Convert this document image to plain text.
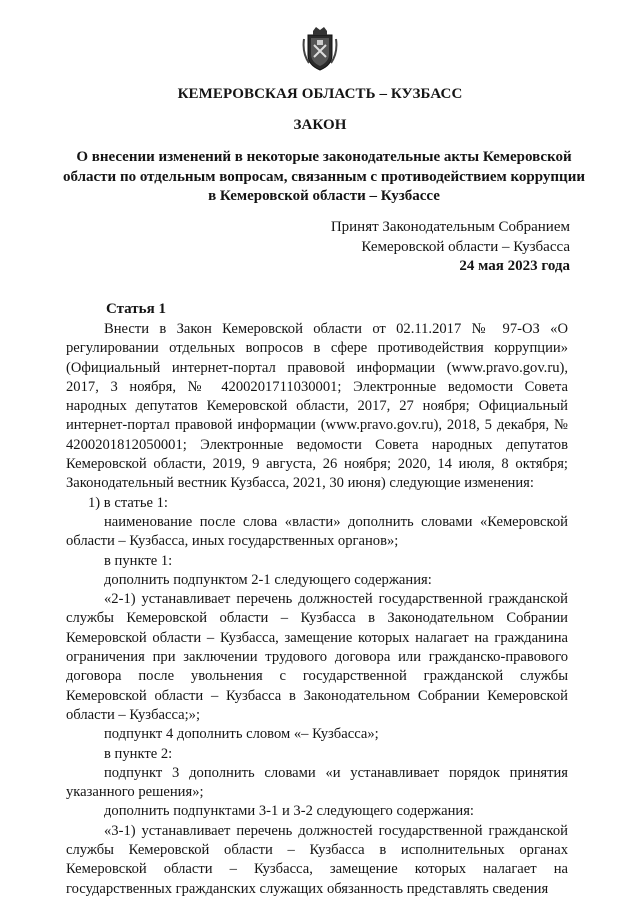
КЕМЕРОВСКАЯ ОБЛАСТЬ – КУЗБАСС
ЗАКОН
О внесении изменений в некоторые законодательные акты Кемеровской области по отдельным вопросам, связанным с противодействием коррупции в Кемеровской области – Кузбассе
Принят Законодательным Собранием
Кемеровской области – Кузбасса
24 мая 2023 года
Статья 1

Внести в Закон Кемеровской области от 02.11.2017 № 97-ОЗ «О регулировании отдельных вопросов в сфере противодействия коррупции» (Официальный интернет-портал правовой информации (www.pravo.gov.ru), 2017, 3 ноября, № 4200201711030001; Электронные ведомости Совета народных депутатов Кемеровской области, 2017, 27 ноября; Официальный интернет-портал правовой информации (www.pravo.gov.ru), 2018, 5 декабря, № 4200201812050001; Электронные ведомости Совета народных депутатов Кемеровской области, 2019, 9 августа, 26 ноября; 2020, 14 июля, 8 октября; Законодательный вестник Кузбасса, 2021, 30 июня) следующие изменения:

1) в статье 1:

наименование после слова «власти» дополнить словами «Кемеровской области – Кузбасса, иных государственных органов»;

в пункте 1:

дополнить подпунктом 2-1 следующего содержания:

«2-1) устанавливает перечень должностей государственной гражданской службы Кемеровской области – Кузбасса в Законодательном Собрании Кемеровской области – Кузбасса, замещение которых налагает на гражданина ограничения при заключении трудового договора или гражданско-правового договора после увольнения с государственной гражданской службы Кемеровской области – Кузбасса в Законодательном Собрании Кемеровской области – Кузбасса;»;

подпункт 4 дополнить словом «– Кузбасса»;

в пункте 2:

подпункт 3 дополнить словами «и устанавливает порядок принятия указанного решения»;

дополнить подпунктами 3-1 и 3-2 следующего содержания:

«3-1) устанавливает перечень должностей государственной гражданской службы Кемеровской области – Кузбасса в исполнительных органах Кемеровской области – Кузбасса, замещение которых налагает на государственных гражданских служащих обязанность представлять сведения
